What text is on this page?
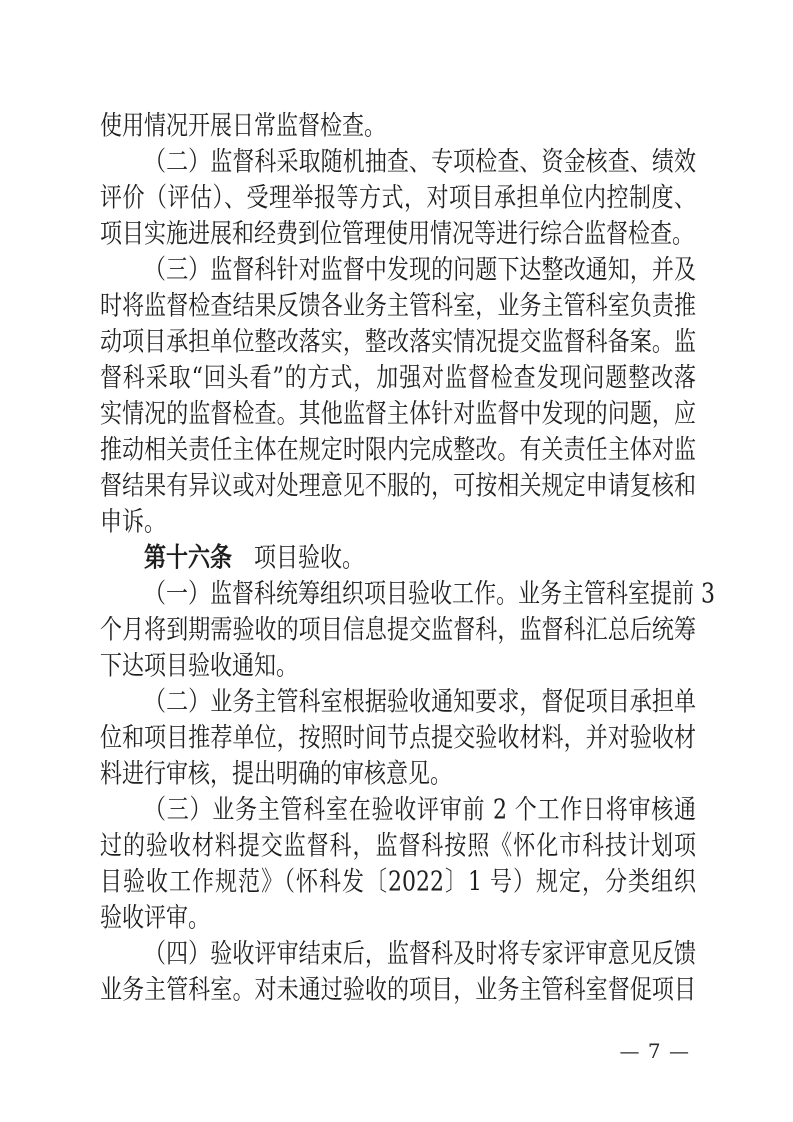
使用情况开展日常监督检查。
（二）监督科采取随机抽查、专项检查、资金核查、绩效
评价（评估）、受理举报等方式，对项目承担单位内控制度、
项目实施进展和经费到位管理使用情况等进行综合监督检查。
（三）监督科针对监督中发现的问题下达整改通知，并及
时将监督检查结果反馈各业务主管科室，业务主管科室负责推
动项目承担单位整改落实，整改落实情况提交监督科备案。监
督科采取“回头看”的方式，加强对监督检查发现问题整改落
实情况的监督检查。其他监督主体针对监督中发现的问题，应
推动相关责任主体在规定时限内完成整改。有关责任主体对监
督结果有异议或对处理意见不服的，可按相关规定申请复核和
申诉。
第十六条 项目验收。
（一）监督科统筹组织项目验收工作。业务主管科室提前 3
个月将到期需验收的项目信息提交监督科，监督科汇总后统筹
下达项目验收通知。
（二）业务主管科室根据验收通知要求，督促项目承担单
位和项目推荐单位，按照时间节点提交验收材料，并对验收材
料进行审核，提出明确的审核意见。
（三）业务主管科室在验收评审前 2 个工作日将审核通
过的验收材料提交监督科，监督科按照《怀化市科技计划项
目验收工作规范》（怀科发〔2022〕1 号）规定，分类组织
验收评审。
（四）验收评审结束后，监督科及时将专家评审意见反馈
业务主管科室。对未通过验收的项目，业务主管科室督促项目
— 7 —
